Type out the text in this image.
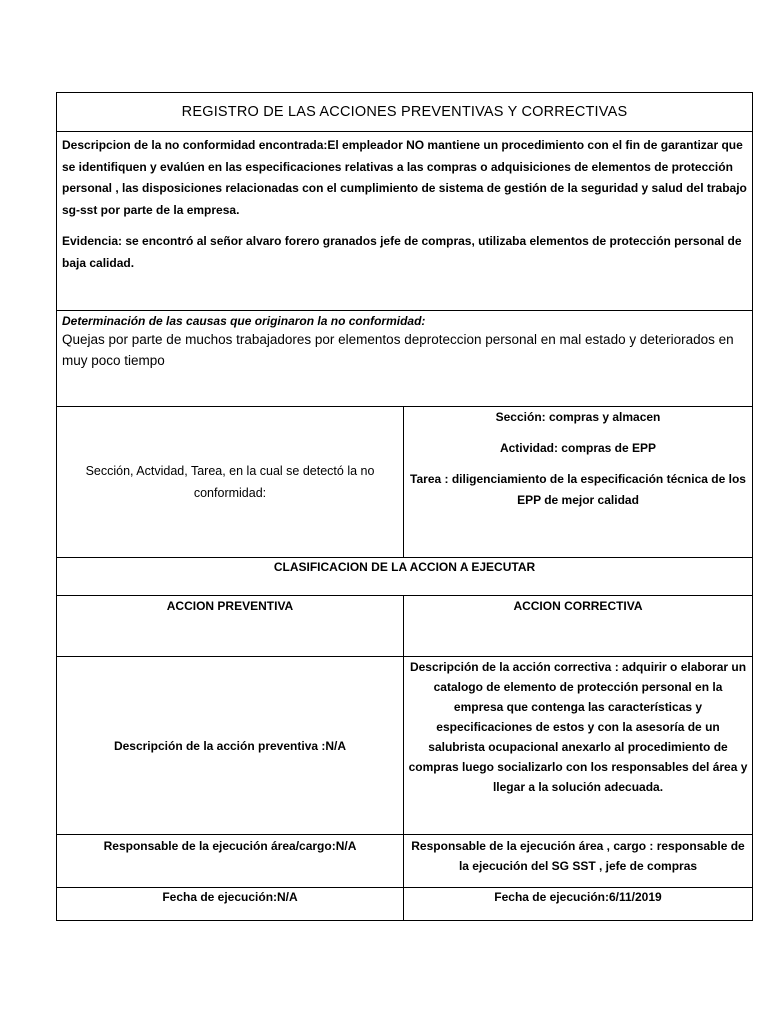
REGISTRO DE LAS ACCIONES PREVENTIVAS Y CORRECTIVAS	

Descripcion de la no conformidad encontrada:El empleador NO mantiene un procedimiento con el fin de garantizar que se identifiquen y evalúen en las especificaciones relativas a las compras o adquisiciones de elementos de protección personal , las disposiciones relacionadas con el cumplimiento de sistema de gestión de la seguridad y salud del trabajo sg-sst por parte de la empresa.

Evidencia: se encontró al señor alvaro forero granados jefe de compras, utilizaba elementos de protección personal de baja calidad.	

Determinación de las causas que originaron la no conformidad:

Quejas por parte de muchos trabajadores por elementos deproteccion personal en mal estado y deteriorados en muy poco tiempo	

Sección, Actvidad, Tarea, en la cual se detectó la no conformidad:	Sección: compras y almacen

Actividad: compras de EPP

Tarea : diligenciamiento de la especificación técnica de los EPP de mejor calidad

CLASIFICACION DE LA ACCION A EJECUTAR	

ACCION PREVENTIVA	ACCION CORRECTIVA

Descripción de la acción preventiva :N/A	Descripción de la acción correctiva : adquirir o elaborar un catalogo de elemento de protección personal en la empresa que contenga las características y especificaciones de estos y con la asesoría de un salubrista ocupacional anexarlo al procedimiento de compras luego socializarlo con los responsables del área y llegar a la solución adecuada.

Responsable de la ejecución área/cargo:N/A	Responsable de la ejecución área , cargo : responsable de la ejecución del SG SST , jefe de compras

Fecha de ejecución:N/A	Fecha de ejecución:6/11/2019
